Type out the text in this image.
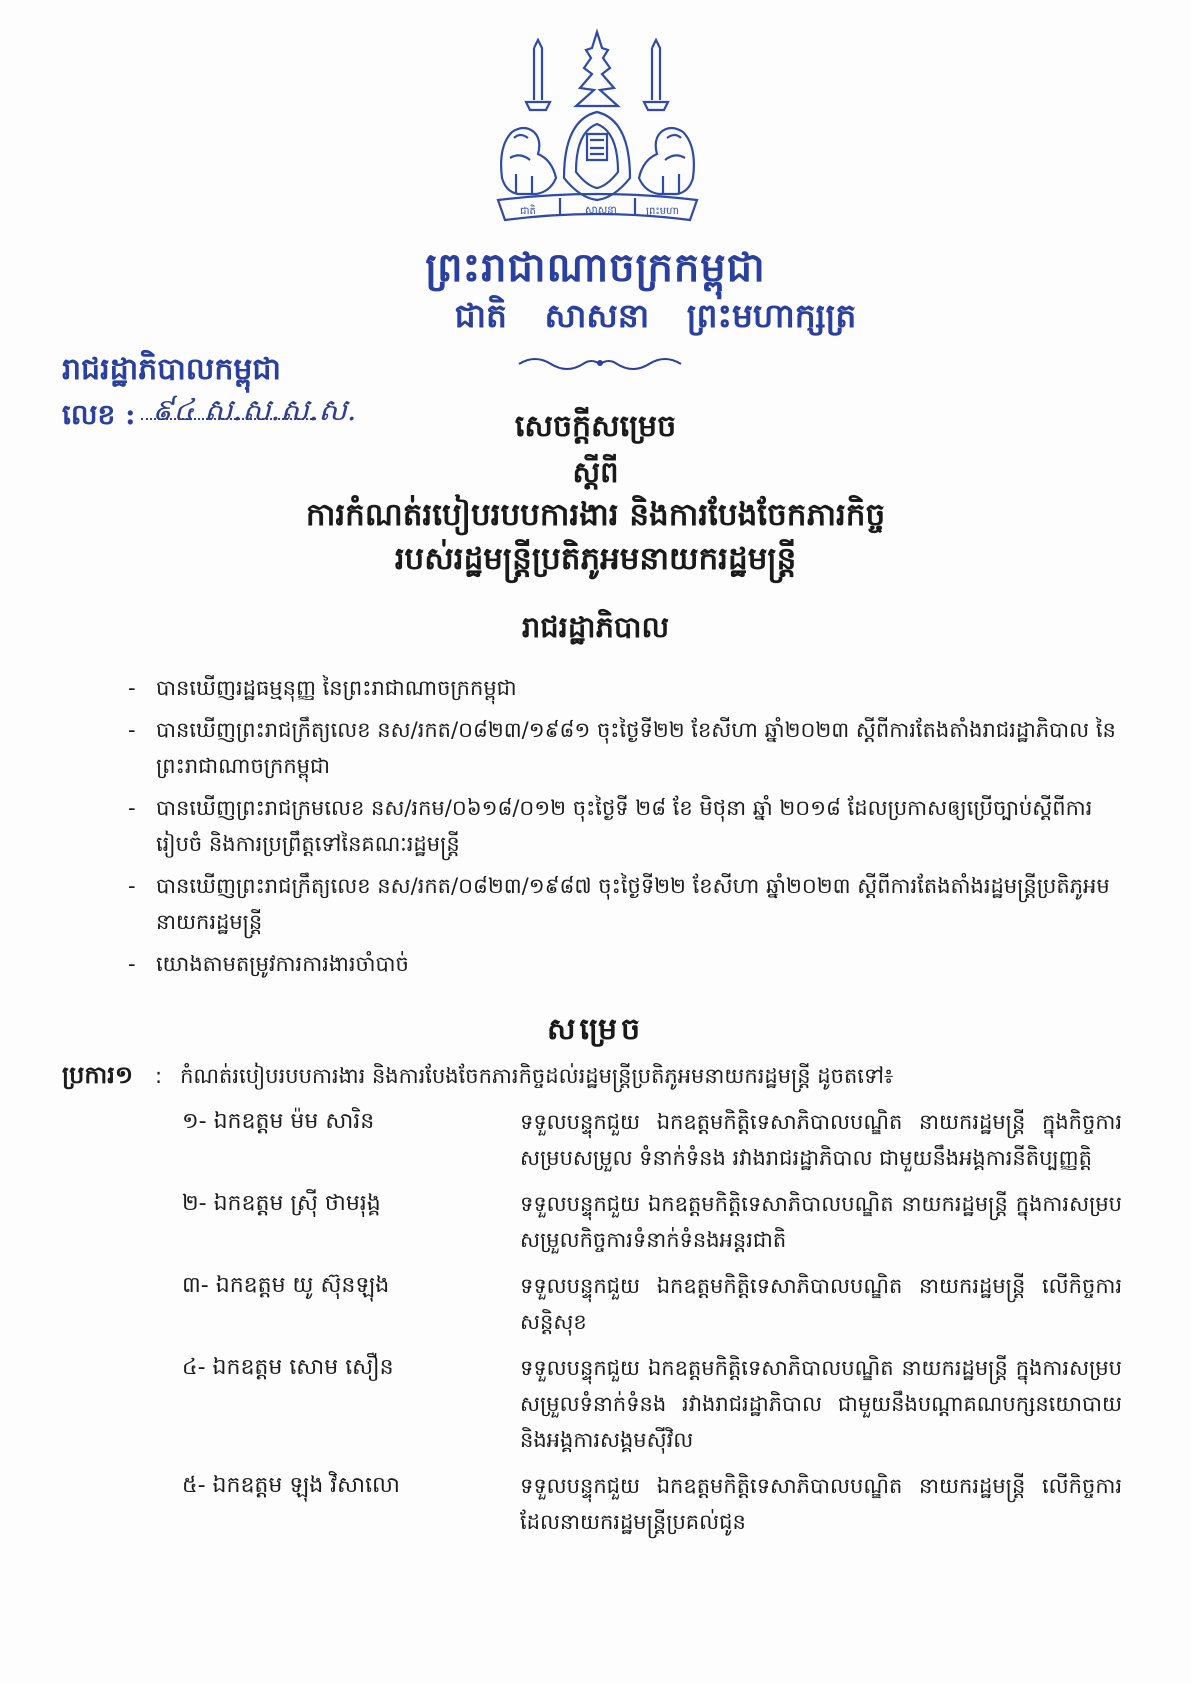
ជាតិ	សាសនា	ព្រះមហា
ព្រះរាជាណាចក្រកម្ពុជា
ជាតិ សាសនា ព្រះមហាក្សត្រ
រាជរដ្ឋាភិបាលកម្ពុជា
លេខ : ៩៤ ស.ស.ស.ស.	សេចក្តីសម្រេច
ស្តីពី
ការកំណត់របៀបរបបការងារ និងការបែងចែកភារកិច្ច
របស់រដ្ឋមន្ត្រីប្រតិភូអមនាយករដ្ឋមន្ត្រី
រាជរដ្ឋាភិបាល
- បានឃើញរដ្ឋធម្មនុញ្ញ នៃព្រះរាជាណាចក្រកម្ពុជា
- បានឃើញព្រះរាជក្រឹត្យលេខ នស/រកត/០៨២៣/១៩៨១ ចុះថ្ងៃទី២២ ខែសីហា ឆ្នាំ២០២៣ ស្តីពីការតែងតាំងរាជរដ្ឋាភិបាល នៃព្រះរាជាណាចក្រកម្ពុជា
- បានឃើញព្រះរាជក្រមលេខ នស/រកម/០៦១៨/០១២ ចុះថ្ងៃទី ២៨ ខែ មិថុនា ឆ្នាំ ២០១៨ ដែលប្រកាសឲ្យប្រើច្បាប់ស្តីពីការរៀបចំ និងការប្រព្រឹត្តទៅនៃគណៈរដ្ឋមន្ត្រី
- បានឃើញព្រះរាជក្រឹត្យលេខ នស/រកត/០៨២៣/១៩៨៧ ចុះថ្ងៃទី២២ ខែសីហា ឆ្នាំ២០២៣ ស្តីពីការតែងតាំងរដ្ឋមន្ត្រីប្រតិភូអមនាយករដ្ឋមន្ត្រី
- យោងតាមតម្រូវការការងារចាំបាច់
សម្រេច
ប្រការ១ : កំណត់របៀបរបបការងារ និងការបែងចែកភារកិច្ចដល់រដ្ឋមន្ត្រីប្រតិភូអមនាយករដ្ឋមន្ត្រី ដូចតទៅ៖
១- ឯកឧត្តម ម៉ម សារិន	ទទួលបន្ទុកជួយ ឯកឧត្តមកិត្តិទេសាភិបាលបណ្ឌិត នាយករដ្ឋមន្ត្រី ក្នុងកិច្ចការសម្របសម្រួល ទំនាក់ទំនង រវាងរាជរដ្ឋាភិបាល ជាមួយនឹងអង្គការនីតិប្បញ្ញត្តិ
២- ឯកឧត្តម ស្រ៊ី ថាមរុង្គ	ទទួលបន្ទុកជួយ ឯកឧត្តមកិត្តិទេសាភិបាលបណ្ឌិត នាយករដ្ឋមន្ត្រី ក្នុងការសម្របសម្រួលកិច្ចការទំនាក់ទំនងអន្តរជាតិ
៣- ឯកឧត្តម យូ ស៊ុនឡុង	ទទួលបន្ទុកជួយ ឯកឧត្តមកិត្តិទេសាភិបាលបណ្ឌិត នាយករដ្ឋមន្ត្រី លើកិច្ចការសន្តិសុខ
៤- ឯកឧត្តម សោម សឿន	ទទួលបន្ទុកជួយ ឯកឧត្តមកិត្តិទេសាភិបាលបណ្ឌិត នាយករដ្ឋមន្ត្រី ក្នុងការសម្របសម្រួលទំនាក់ទំនង រវាងរាជរដ្ឋាភិបាល ជាមួយនឹងបណ្តាគណបក្សនយោបាយ និងអង្គការសង្គមស៊ីវិល
៥- ឯកឧត្តម ឡុង វិសាលោ	ទទួលបន្ទុកជួយ ឯកឧត្តមកិត្តិទេសាភិបាលបណ្ឌិត នាយករដ្ឋមន្ត្រី លើកិច្ចការដែលនាយករដ្ឋមន្ត្រីប្រគល់ជូន
